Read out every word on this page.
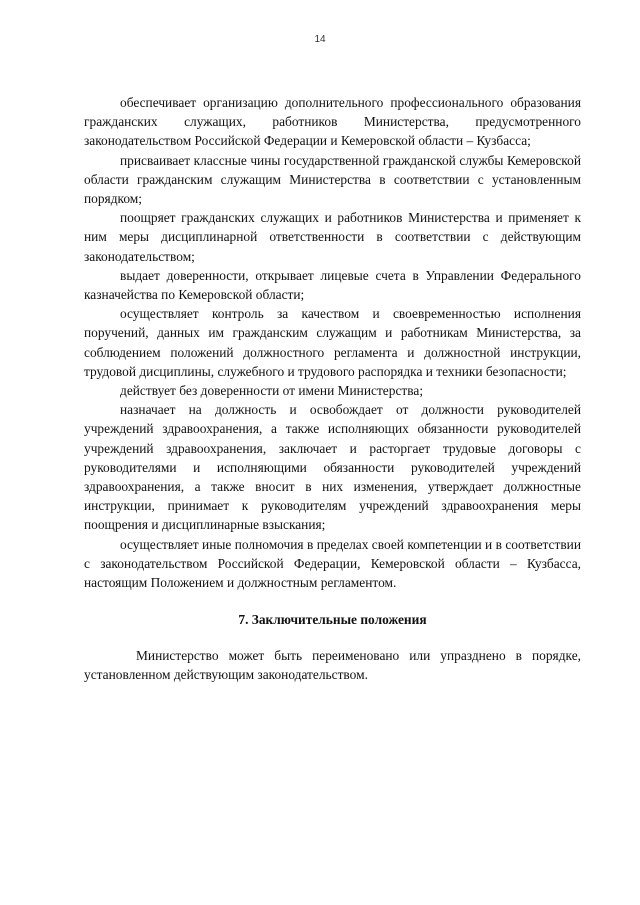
14

обеспечивает организацию дополнительного профессионального образования гражданских служащих, работников Министерства, предусмотренного законодательством Российской Федерации и Кемеровской области – Кузбасса;

присваивает классные чины государственной гражданской службы Кемеровской области гражданским служащим Министерства в соответствии с установленным порядком;

поощряет гражданских служащих и работников Министерства и применяет к ним меры дисциплинарной ответственности в соответствии с действующим законодательством;

выдает доверенности, открывает лицевые счета в Управлении Федерального казначейства по Кемеровской области;

осуществляет контроль за качеством и своевременностью исполнения поручений, данных им гражданским служащим и работникам Министерства, за соблюдением положений должностного регламента и должностной инструкции, трудовой дисциплины, служебного и трудового распорядка и техники безопасности;

действует без доверенности от имени Министерства;

назначает на должность и освобождает от должности руководителей учреждений здравоохранения, а также исполняющих обязанности руководителей учреждений здравоохранения, заключает и расторгает трудовые договоры с руководителями и исполняющими обязанности руководителей учреждений здравоохранения, а также вносит в них изменения, утверждает должностные инструкции, принимает к руководителям учреждений здравоохранения меры поощрения и дисциплинарные взыскания;

осуществляет иные полномочия в пределах своей компетенции и в соответствии с законодательством Российской Федерации, Кемеровской области – Кузбасса, настоящим Положением и должностным регламентом.

7. Заключительные положения

Министерство может быть переименовано или упразднено в порядке, установленном действующим законодательством.
